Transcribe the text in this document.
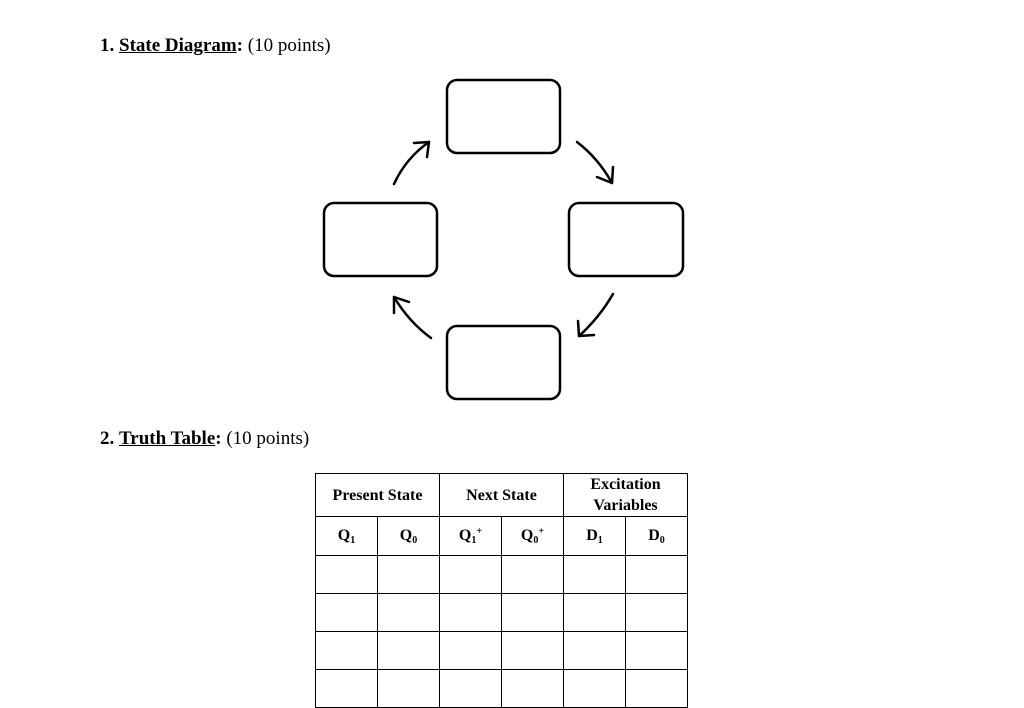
1. State Diagram: (10 points)
2. Truth Table: (10 points)
Present State		Next State		Excitation Variables	
$Q_1$	$Q_0$	$Q_1^+$	$Q_0^+$	$D_1$	$D_0$
